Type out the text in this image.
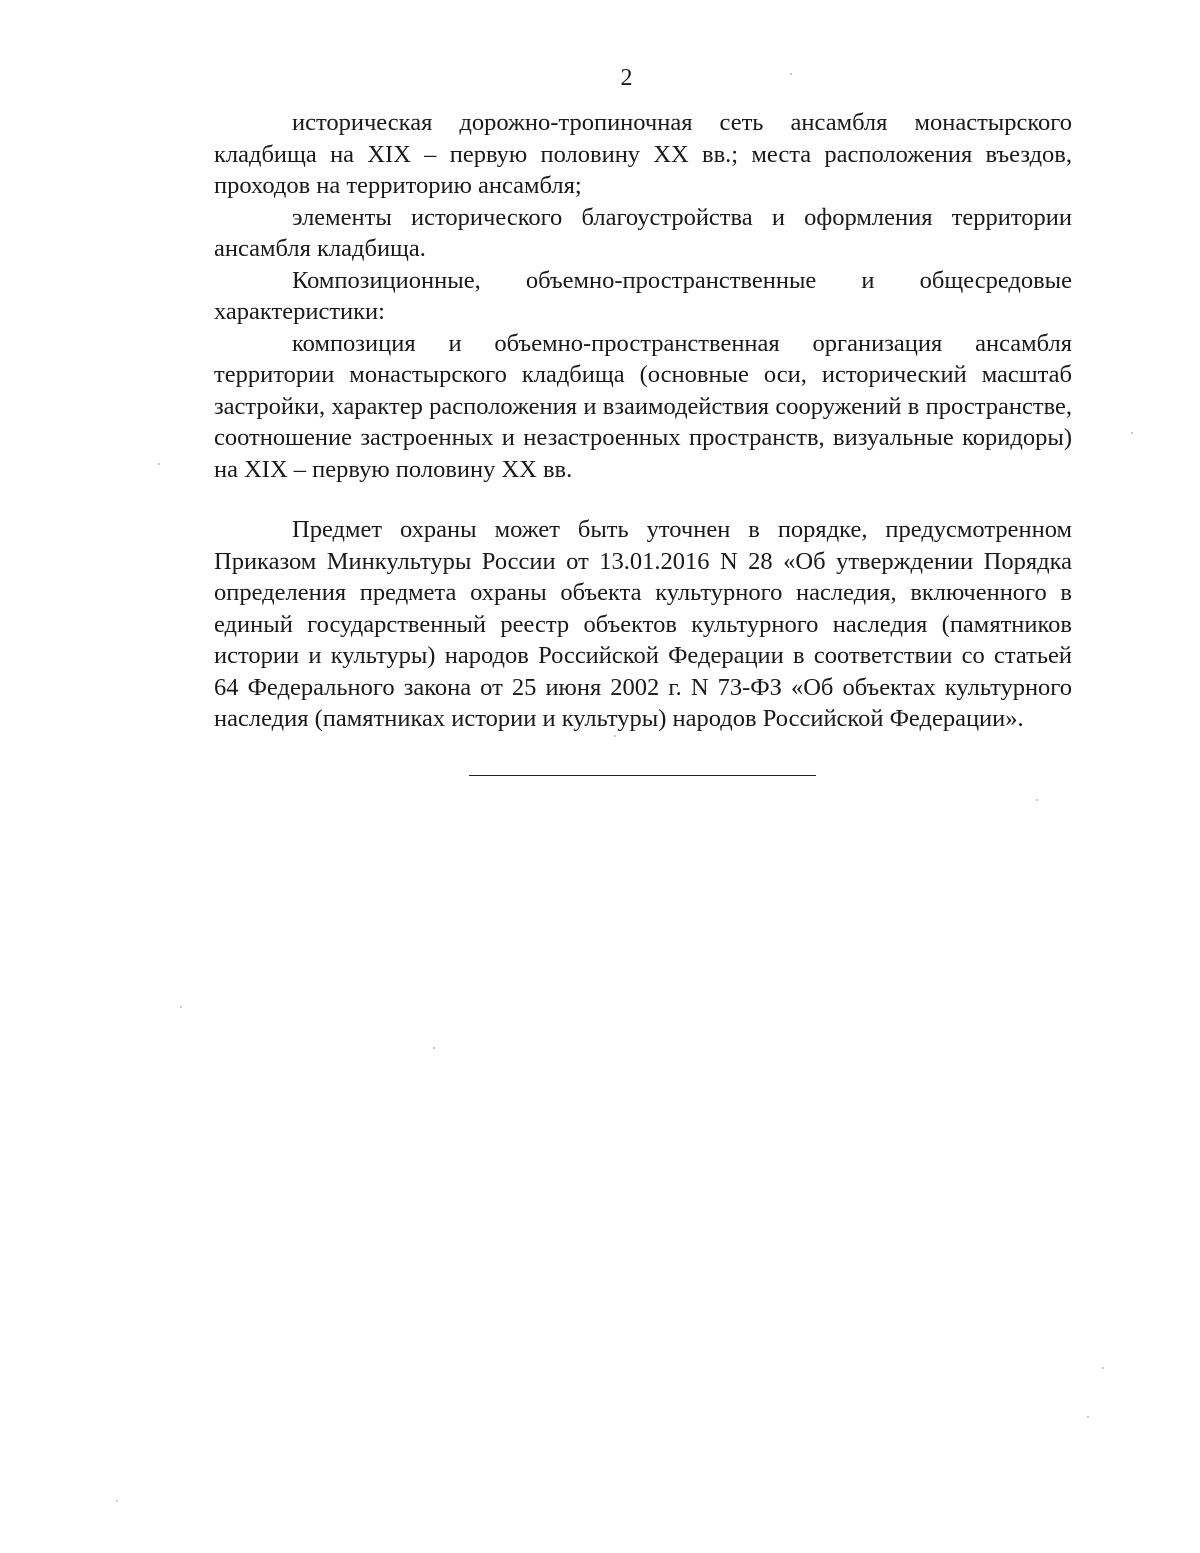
2

историческая дорожно-тропиночная сеть ансамбля монастырского кладбища на XIX – первую половину XX вв.; места расположения въездов, проходов на территорию ансамбля;

элементы исторического благоустройства и оформления территории ансамбля кладбища.

Композиционные, объемно-пространственные и общесредовые характеристики:

композиция и объемно-пространственная организация ансамбля территории монастырского кладбища (основные оси, исторический масштаб застройки, характер расположения и взаимодействия сооружений в пространстве, соотношение застроенных и незастроенных пространств, визуальные коридоры) на XIX – первую половину XX вв.

Предмет охраны может быть уточнен в порядке, предусмотренном Приказом Минкультуры России от 13.01.2016 N 28 «Об утверждении Порядка определения предмета охраны объекта культурного наследия, включенного в единый государственный реестр объектов культурного наследия (памятников истории и культуры) народов Российской Федерации в соответствии со статьей 64 Федерального закона от 25 июня 2002 г. N 73-ФЗ «Об объектах культурного наследия (памятниках истории и культуры) народов Российской Федерации».
